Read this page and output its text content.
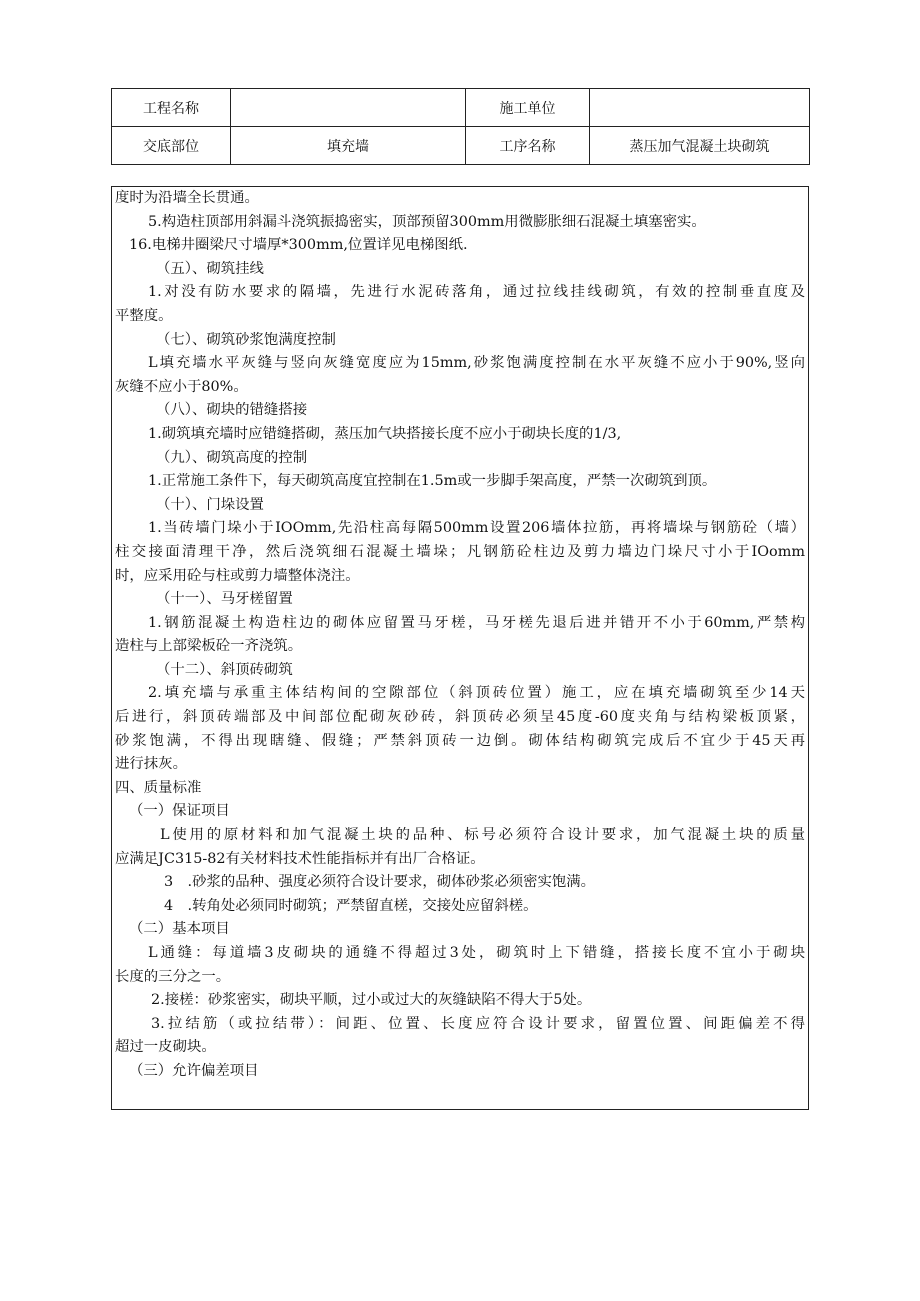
工程名称		施工单位	
交底部位	填充墙	工序名称	蒸压加气混凝土块砌筑
度时为沿墙全长贯通。
5.构造柱顶部用斜漏斗浇筑振捣密实，顶部预留300mm用微膨胀细石混凝土填塞密实。
16.电梯井圈梁尺寸墙厚*300mm,位置详见电梯图纸.
（五）、砌筑挂线
1.对没有防水要求的隔墙，先进行水泥砖落角，通过拉线挂线砌筑，有效的控制垂直度及
平整度。
（七）、砌筑砂浆饱满度控制
L填充墙水平灰缝与竖向灰缝宽度应为15mm,砂浆饱满度控制在水平灰缝不应小于90%,竖向
灰缝不应小于80%。
（八）、砌块的错缝搭接
1.砌筑填充墙时应错缝搭砌，蒸压加气块搭接长度不应小于砌块长度的1/3,
（九）、砌筑高度的控制
1.正常施工条件下，每天砌筑高度宜控制在1.5m或一步脚手架高度，严禁一次砌筑到顶。
（十）、门垛设置
1.当砖墙门垛小于IOOmm,先沿柱高每隔500mm设置206墙体拉筋，再将墙垛与钢筋砼（墙）
柱交接面清理干净，然后浇筑细石混凝土墙垛；凡钢筋砼柱边及剪力墙边门垛尺寸小于IOomm
时，应采用砼与柱或剪力墙整体浇注。
（十一）、马牙槎留置
1.钢筋混凝土构造柱边的砌体应留置马牙槎，马牙槎先退后进并错开不小于60mm,严禁构
造柱与上部梁板砼一齐浇筑。
（十二）、斜顶砖砌筑
2.填充墙与承重主体结构间的空隙部位（斜顶砖位置）施工，应在填充墙砌筑至少14天
后进行，斜顶砖端部及中间部位配砌灰砂砖，斜顶砖必须呈45度-60度夹角与结构梁板顶紧，
砂浆饱满，不得出现瞎缝、假缝；严禁斜顶砖一边倒。砌体结构砌筑完成后不宜少于45天再
进行抹灰。
四、质量标准
（一）保证项目
L使用的原材料和加气混凝土块的品种、标号必须符合设计要求，加气混凝土块的质量
应满足JC315-82有关材料技术性能指标并有出厂合格证。
3　.砂浆的品种、强度必须符合设计要求，砌体砂浆必须密实饱满。
4　.转角处必须同时砌筑；严禁留直槎，交接处应留斜槎。
（二）基本项目
L通缝：每道墙3皮砌块的通缝不得超过3处，砌筑时上下错缝，搭接长度不宜小于砌块
长度的三分之一。
2.接槎：砂浆密实，砌块平顺，过小或过大的灰缝缺陷不得大于5处。
3.拉结筋（或拉结带）：间距、位置、长度应符合设计要求，留置位置、间距偏差不得
超过一皮砌块。
（三）允许偏差项目
